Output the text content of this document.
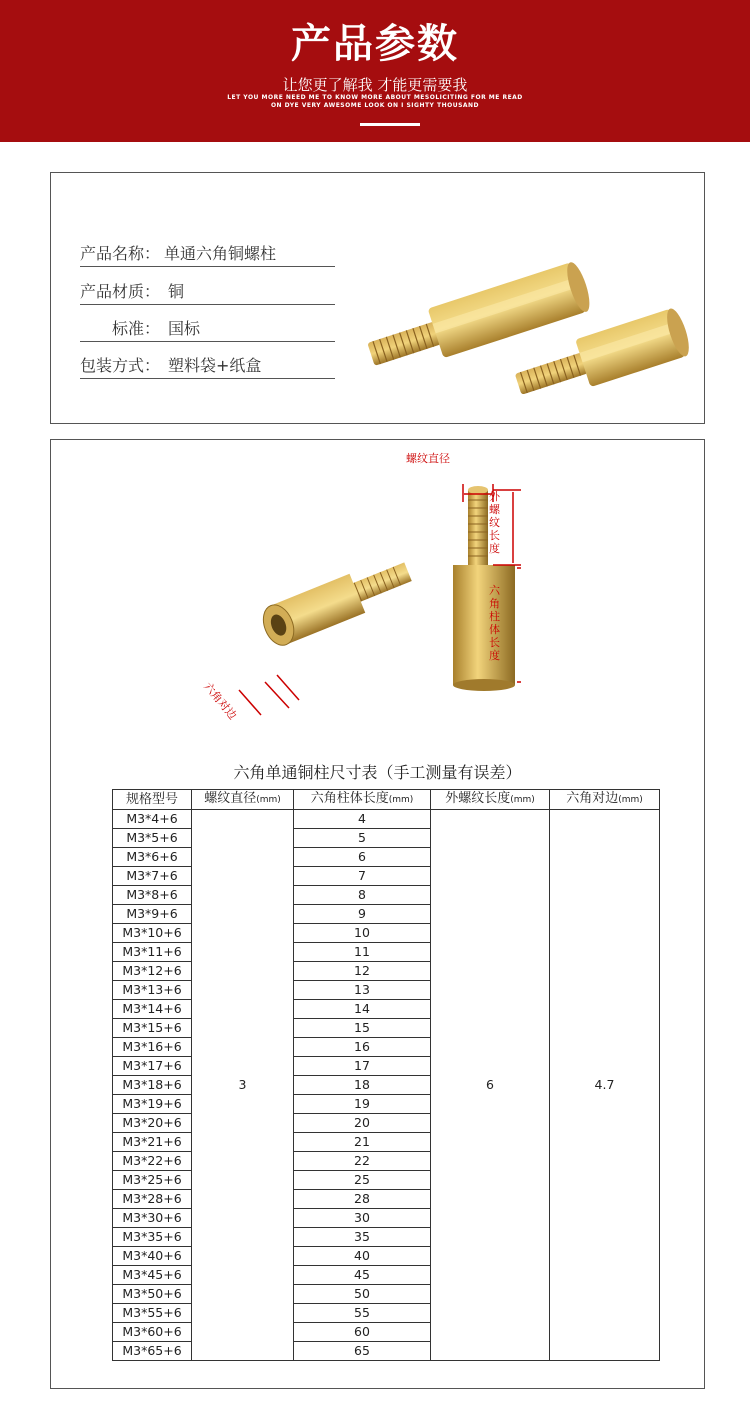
产品参数
让您更了解我 才能更需要我
LET YOU MORE NEED ME TO KNOW MORE ABOUT MESOLICITING FOR ME READ
ON DYE VERY AWESOME LOOK ON I SIGHTY THOUSAND
产品名称： 单通六角铜螺柱
产品材质： 铜
标准： 国标
包装方式： 塑料袋+纸盒
螺纹直径
外螺纹长度
六角柱体长度
六角对边
六角单通铜柱尺寸表（手工测量有误差）
规格型号	螺纹直径(mm)	六角柱体长度(mm)	外螺纹长度(mm)	六角对边(mm)
M3*4+6	3	4	6	4.7
M3*5+6		5		
M3*6+6		6		
M3*7+6		7		
M3*8+6		8		
M3*9+6		9		
M3*10+6		10		
M3*11+6		11		
M3*12+6		12		
M3*13+6		13		
M3*14+6		14		
M3*15+6		15		
M3*16+6		16		
M3*17+6		17		
M3*18+6		18		
M3*19+6		19		
M3*20+6		20		
M3*21+6		21		
M3*22+6		22		
M3*25+6		25		
M3*28+6		28		
M3*30+6		30		
M3*35+6		35		
M3*40+6		40		
M3*45+6		45		
M3*50+6		50		
M3*55+6		55		
M3*60+6		60		
M3*65+6		65		
